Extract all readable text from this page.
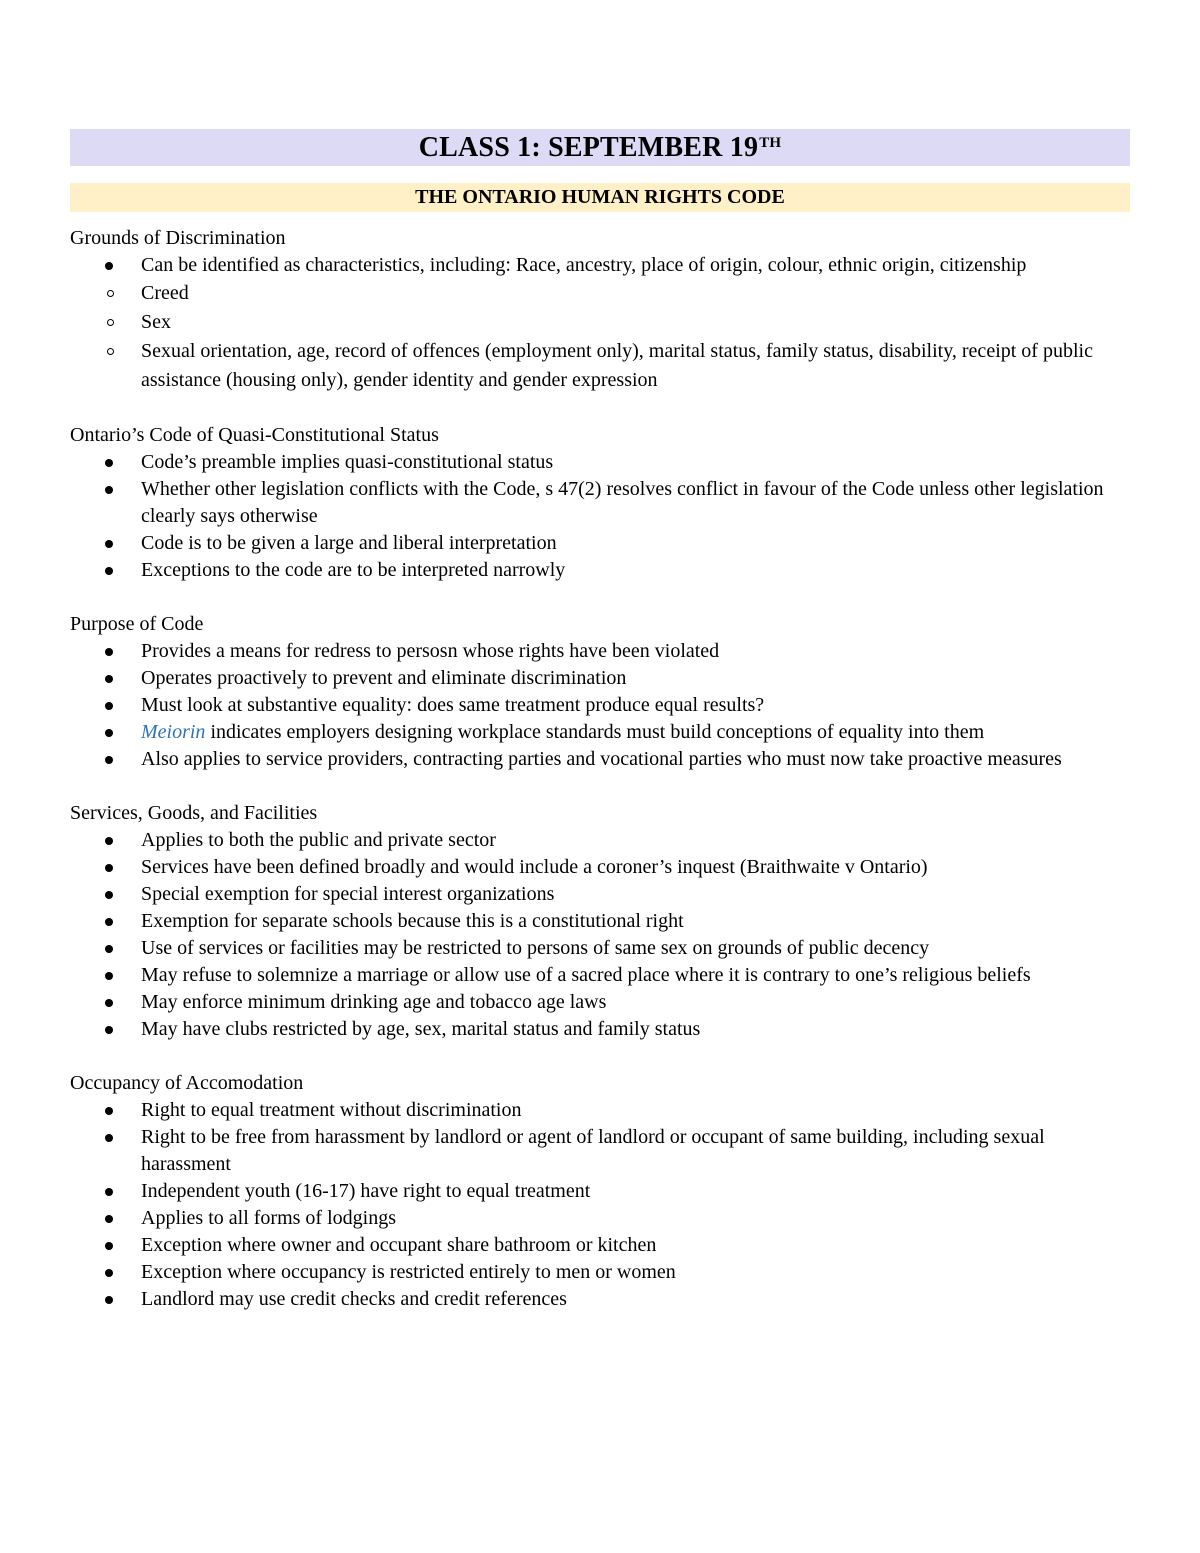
CLASS 1: SEPTEMBER 19TH
THE ONTARIO HUMAN RIGHTS CODE
Grounds of Discrimination
Can be identified as characteristics, including: Race, ancestry, place of origin, colour, ethnic origin, citizenship
Creed
Sex
Sexual orientation, age, record of offences (employment only), marital status, family status, disability, receipt of public assistance (housing only), gender identity and gender expression
Ontario’s Code of Quasi-Constitutional Status
Code’s preamble implies quasi-constitutional status
Whether other legislation conflicts with the Code, s 47(2) resolves conflict in favour of the Code unless other legislation clearly says otherwise
Code is to be given a large and liberal interpretation
Exceptions to the code are to be interpreted narrowly
Purpose of Code
Provides a means for redress to persosn whose rights have been violated
Operates proactively to prevent and eliminate discrimination
Must look at substantive equality: does same treatment produce equal results?
Meiorin indicates employers designing workplace standards must build conceptions of equality into them
Also applies to service providers, contracting parties and vocational parties who must now take proactive measures
Services, Goods, and Facilities
Applies to both the public and private sector
Services have been defined broadly and would include a coroner’s inquest (Braithwaite v Ontario)
Special exemption for special interest organizations
Exemption for separate schools because this is a constitutional right
Use of services or facilities may be restricted to persons of same sex on grounds of public decency
May refuse to solemnize a marriage or allow use of a sacred place where it is contrary to one’s religious beliefs
May enforce minimum drinking age and tobacco age laws
May have clubs restricted by age, sex, marital status and family status
Occupancy of Accomodation
Right to equal treatment without discrimination
Right to be free from harassment by landlord or agent of landlord or occupant of same building, including sexual harassment
Independent youth (16-17) have right to equal treatment
Applies to all forms of lodgings
Exception where owner and occupant share bathroom or kitchen
Exception where occupancy is restricted entirely to men or women
Landlord may use credit checks and credit references
